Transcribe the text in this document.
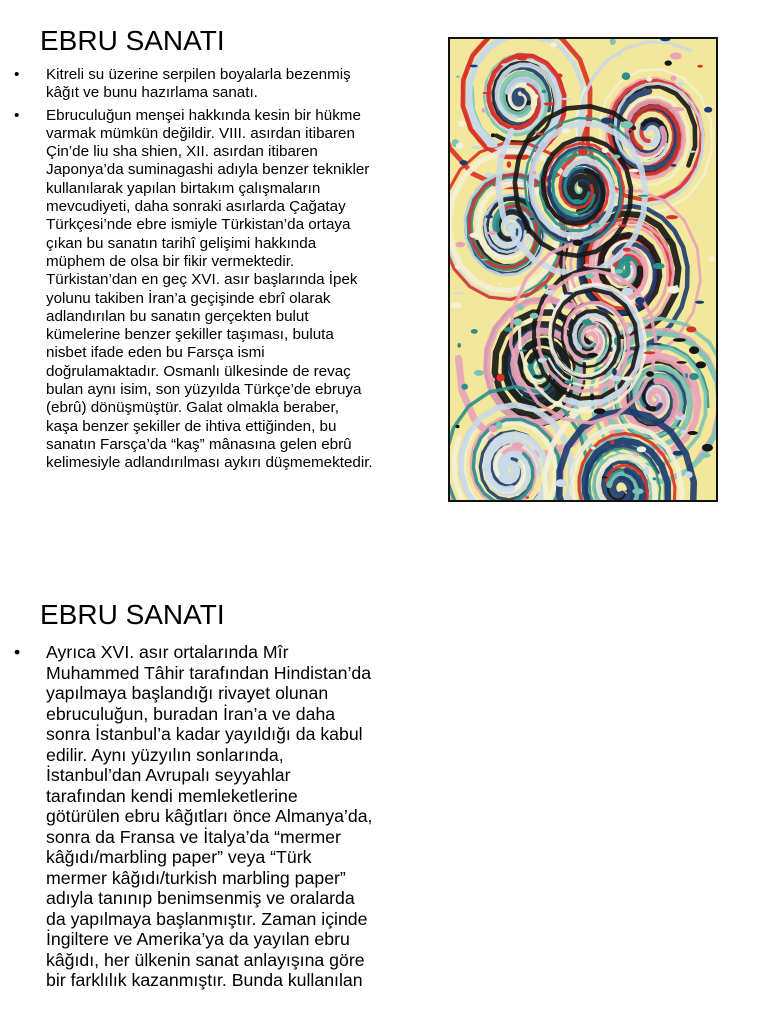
EBRU SANATI
• Kitreli su üzerine serpilen boyalarla bezenmiş kâğıt ve bunu hazırlama sanatı.
• Ebruculuğun menşei hakkında kesin bir hükme varmak mümkün değildir. VIII. asırdan itibaren Çin’de liu sha shien, XII. asırdan itibaren Japonya’da suminagashi adıyla benzer teknikler kullanılarak yapılan birtakım çalışmaların mevcudiyeti, daha sonraki asırlarda Çağatay Türkçesi’nde ebre ismiyle Türkistan’da ortaya çıkan bu sanatın tarihî gelişimi hakkında müphem de olsa bir fikir vermektedir. Türkistan’dan en geç XVI. asır başlarında İpek yolunu takiben İran’a geçişinde ebrî olarak adlandırılan bu sanatın gerçekten bulut kümelerine benzer şekiller taşıması, buluta nisbet ifade eden bu Farsça ismi doğrulamaktadır. Osmanlı ülkesinde de revaç bulan aynı isim, son yüzyılda Türkçe’de ebruya (ebrû) dönüşmüştür. Galat olmakla beraber, kaşa benzer şekiller de ihtiva ettiğinden, bu sanatın Farsça’da “kaş” mânasına gelen ebrû kelimesiyle adlandırılması aykırı düşmemektedir.
EBRU SANATI
• Ayrıca XVI. asır ortalarında Mîr Muhammed Tâhir tarafından Hindistan’da yapılmaya başlandığı rivayet olunan ebruculuğun, buradan İran’a ve daha sonra İstanbul’a kadar yayıldığı da kabul edilir. Aynı yüzyılın sonlarında, İstanbul’dan Avrupalı seyyahlar tarafından kendi memleketlerine götürülen ebru kâğıtları önce Almanya’da, sonra da Fransa ve İtalya’da “mermer kâğıdı/marbling paper” veya “Türk mermer kâğıdı/turkish marbling paper” adıyla tanınıp benimsenmiş ve oralarda da yapılmaya başlanmıştır. Zaman içinde İngiltere ve Amerika’ya da yayılan ebru kâğıdı, her ülkenin sanat anlayışına göre bir farklılık kazanmıştır. Bunda kullanılan
